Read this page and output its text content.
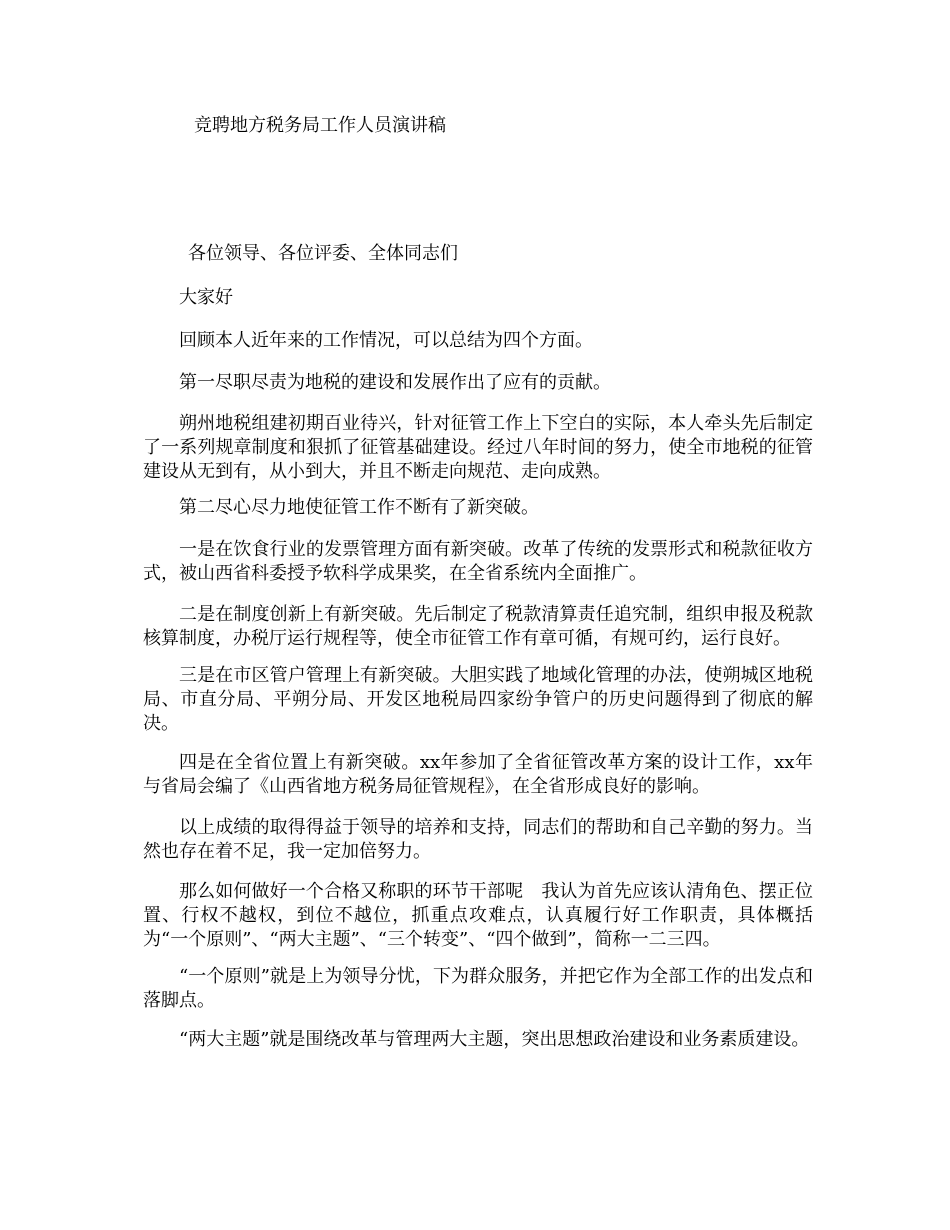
竞聘地方税务局工作人员演讲稿
各位领导、各位评委、全体同志们
大家好

回顾本人近年来的工作情况，可以总结为四个方面。

第一尽职尽责为地税的建设和发展作出了应有的贡献。

朔州地税组建初期百业待兴，针对征管工作上下空白的实际，本人牵头先后制定了一系列规章制度和狠抓了征管基础建设。经过八年时间的努力，使全市地税的征管建设从无到有，从小到大，并且不断走向规范、走向成熟。

第二尽心尽力地使征管工作不断有了新突破。

一是在饮食行业的发票管理方面有新突破。改革了传统的发票形式和税款征收方式，被山西省科委授予软科学成果奖，在全省系统内全面推广。

二是在制度创新上有新突破。先后制定了税款清算责任追究制，组织申报及税款核算制度，办税厅运行规程等，使全市征管工作有章可循，有规可约，运行良好。

三是在市区管户管理上有新突破。大胆实践了地域化管理的办法，使朔城区地税局、市直分局、平朔分局、开发区地税局四家纷争管户的历史问题得到了彻底的解决。

四是在全省位置上有新突破。xx年参加了全省征管改革方案的设计工作，xx年与省局会编了《山西省地方税务局征管规程》，在全省形成良好的影响。

以上成绩的取得得益于领导的培养和支持，同志们的帮助和自己辛勤的努力。当然也存在着不足，我一定加倍努力。

那么如何做好一个合格又称职的环节干部呢　我认为首先应该认清角色、摆正位置、行权不越权，到位不越位，抓重点攻难点，认真履行好工作职责，具体概括为“一个原则”、“两大主题”、“三个转变”、“四个做到”，简称一二三四。

“一个原则”就是上为领导分忧，下为群众服务，并把它作为全部工作的出发点和落脚点。

“两大主题”就是围绕改革与管理两大主题，突出思想政治建设和业务素质建设。
